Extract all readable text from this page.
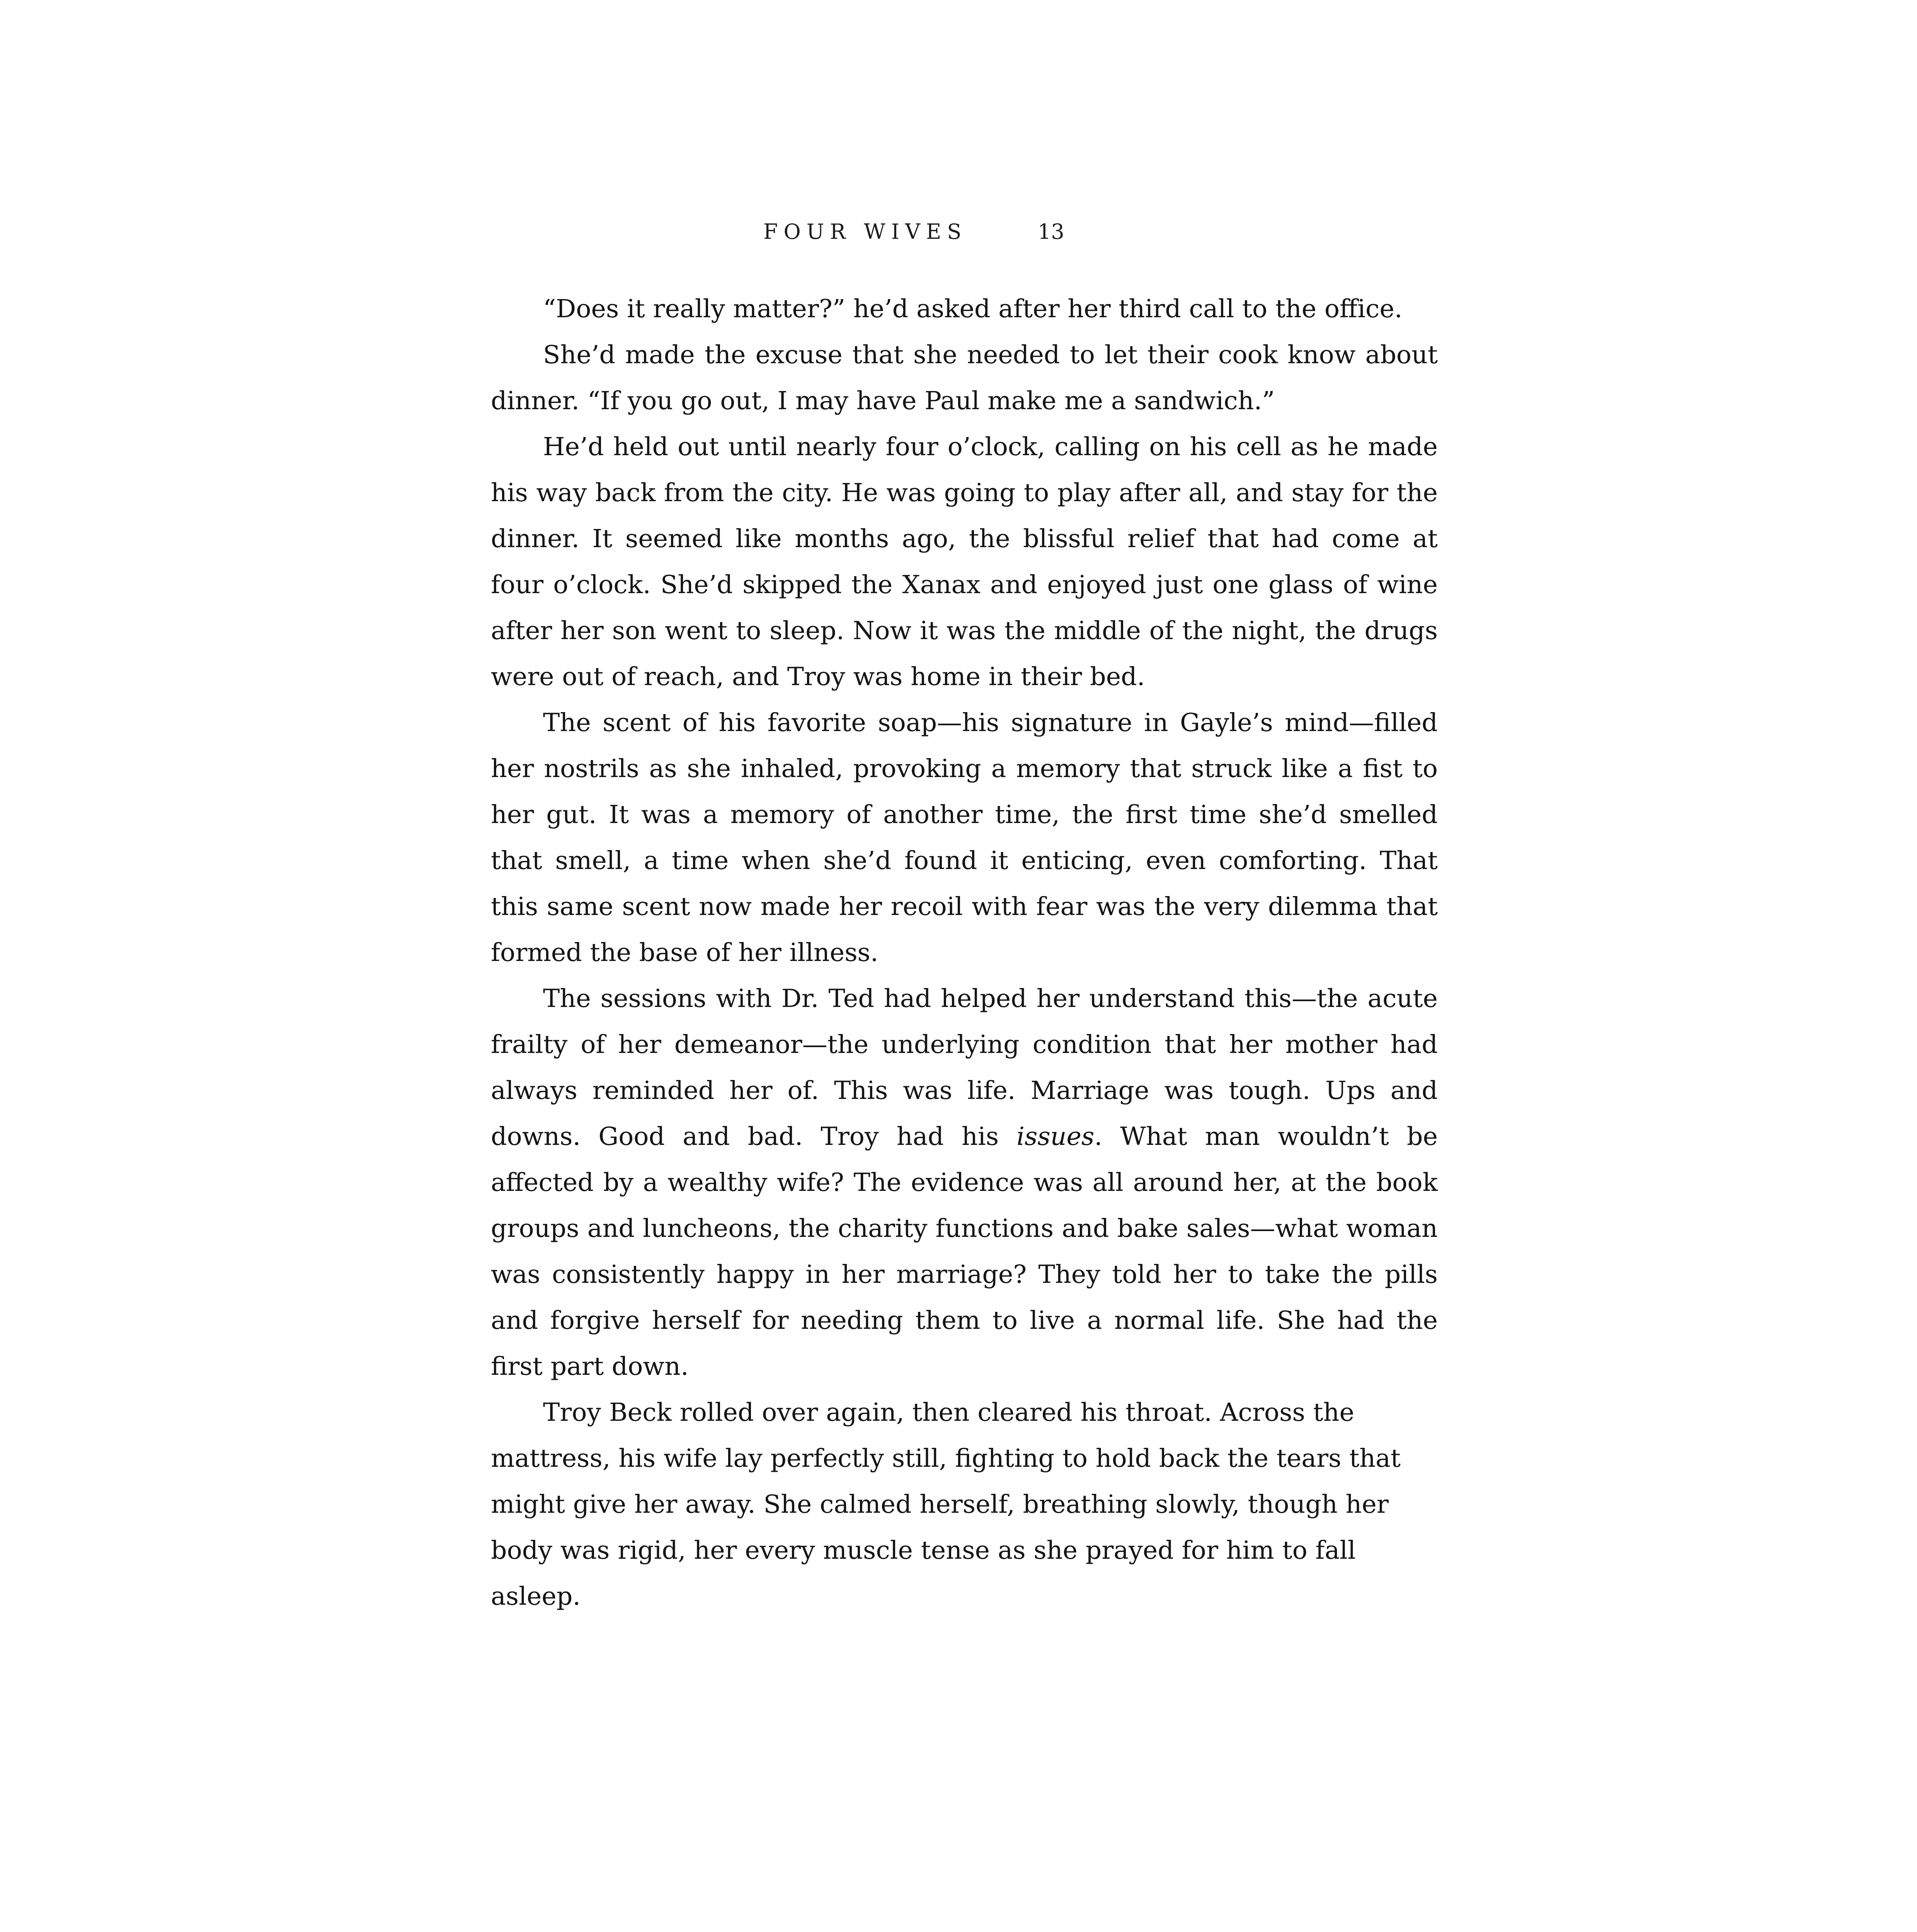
FOUR WIVES	13

“Does it really matter?” he’d asked after her third call to the office.

She’d made the excuse that she needed to let their cook know about dinner. “If you go out, I may have Paul make me a sandwich.”

He’d held out until nearly four o’clock, calling on his cell as he made his way back from the city. He was going to play after all, and stay for the dinner. It seemed like months ago, the blissful relief that had come at four o’clock. She’d skipped the Xanax and enjoyed just one glass of wine after her son went to sleep. Now it was the middle of the night, the drugs were out of reach, and Troy was home in their bed.

The scent of his favorite soap—his signature in Gayle’s mind—filled her nostrils as she inhaled, provoking a memory that struck like a fist to her gut. It was a memory of another time, the first time she’d smelled that smell, a time when she’d found it enticing, even comforting. That this same scent now made her recoil with fear was the very dilemma that formed the base of her illness.

The sessions with Dr. Ted had helped her understand this—the acute frailty of her demeanor—the underlying condition that her mother had always reminded her of. This was life. Marriage was tough. Ups and downs. Good and bad. Troy had his issues. What man wouldn’t be affected by a wealthy wife? The evidence was all around her, at the book groups and luncheons, the charity functions and bake sales—what woman was consistently happy in her marriage? They told her to take the pills and forgive herself for needing them to live a normal life. She had the first part down.

Troy Beck rolled over again, then cleared his throat. Across the mattress, his wife lay perfectly still, fighting to hold back the tears that might give her away. She calmed herself, breathing slowly, though her body was rigid, her every muscle tense as she prayed for him to fall asleep.
